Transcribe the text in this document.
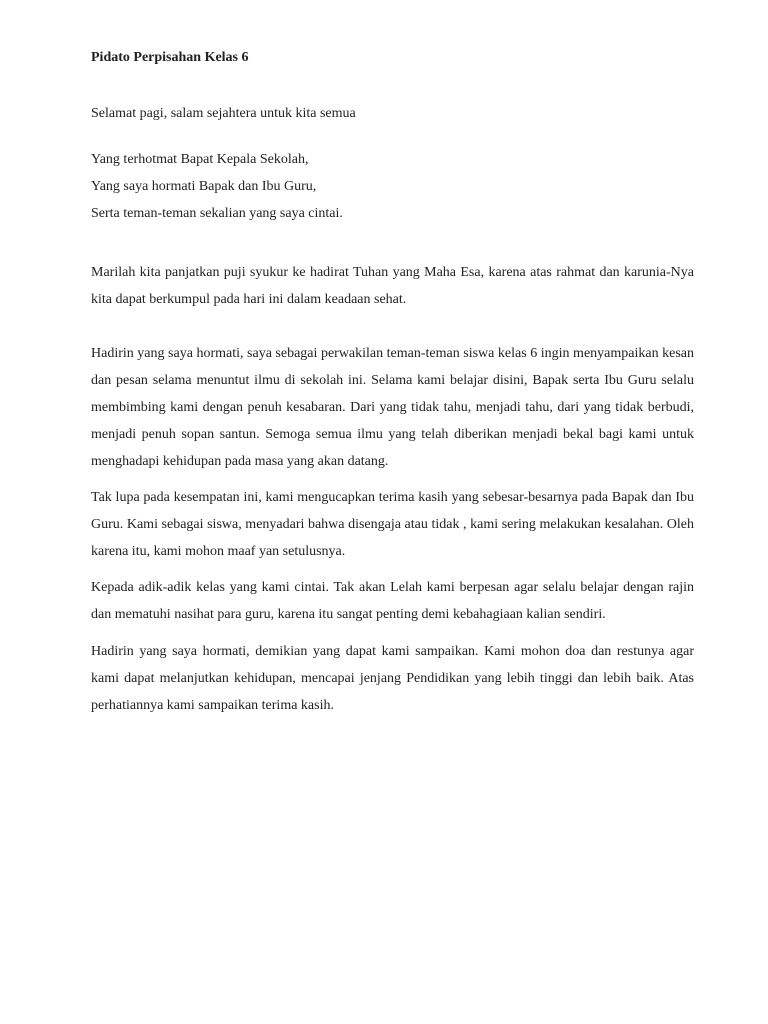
Pidato Perpisahan Kelas 6

Selamat pagi, salam sejahtera untuk kita semua

Yang terhotmat Bapat Kepala Sekolah,
Yang saya hormati Bapak dan Ibu Guru,
Serta teman-teman sekalian yang saya cintai.

Marilah kita panjatkan puji syukur ke hadirat Tuhan yang Maha Esa, karena atas rahmat dan karunia-Nya kita dapat berkumpul pada hari ini dalam keadaan sehat.

Hadirin yang saya hormati, saya sebagai perwakilan teman-teman siswa kelas 6 ingin menyampaikan kesan dan pesan selama menuntut ilmu di sekolah ini. Selama kami belajar disini, Bapak serta Ibu Guru selalu membimbing kami dengan penuh kesabaran. Dari yang tidak tahu, menjadi tahu, dari yang tidak berbudi, menjadi penuh sopan santun. Semoga semua ilmu yang telah diberikan menjadi bekal bagi kami untuk menghadapi kehidupan pada masa yang akan datang.

Tak lupa pada kesempatan ini, kami mengucapkan terima kasih yang sebesar-besarnya pada Bapak dan Ibu Guru. Kami sebagai siswa, menyadari bahwa disengaja atau tidak , kami sering melakukan kesalahan. Oleh karena itu, kami mohon maaf yan setulusnya.

Kepada adik-adik kelas yang kami cintai. Tak akan Lelah kami berpesan agar selalu belajar dengan rajin dan mematuhi nasihat para guru, karena itu sangat penting demi kebahagiaan kalian sendiri.

Hadirin yang saya hormati, demikian yang dapat kami sampaikan. Kami mohon doa dan restunya agar kami dapat melanjutkan kehidupan, mencapai jenjang Pendidikan yang lebih tinggi dan lebih baik. Atas perhatiannya kami sampaikan terima kasih.
